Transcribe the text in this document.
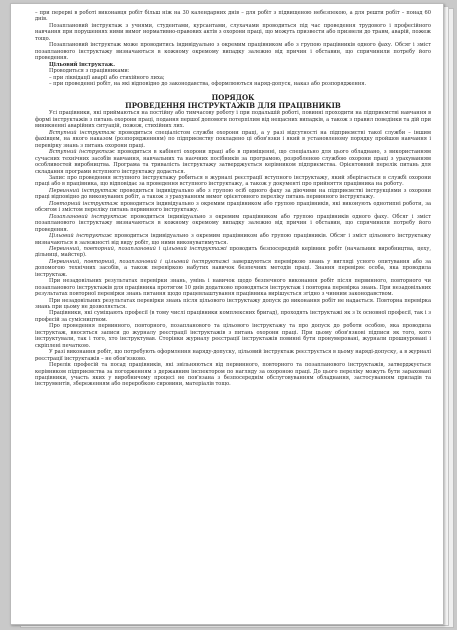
– при перерві в роботі виконавця робіт більш ніж на 30 календарних днів – для робіт з підвищеною небезпекою, а для решти робіт – понад 60 днів.

Позаплановий інструктаж з учнями, студентами, курсантами, слухачами проводиться під час проведення трудового і професійного навчання при порушеннях ними вимог нормативно-правових актів з охорони праці, що можуть призвести або призвели до травм, аварій, пожеж тощо.

Позаплановий інструктаж може проводитись індивідуально з окремим працівником або з групою працівників одного фаху. Обсяг і зміст позапланового інструктажу визначаються в кожному окремому випадку залежно від причин і обставин, що спричинили потребу його проведення.

Цільовий інструктаж.

Проводиться з працівниками:

– при ліквідації аварії або стихійного лиха;

– при проведенні робіт, на які відповідно до законодавства, оформлюються наряд-допуск, наказ або розпорядження.

ПОРЯДОК
ПРОВЕДЕННЯ ІНСТРУКТАЖІВ ДЛЯ ПРАЦІВНИКІВ

Усі працівники, які приймаються на постійну або тимчасову роботу і при подальшій роботі, повинні проходити на підприємстві навчання в формі інструктажів з питань охорони праці, подання першої допомоги потерпілим від нещасних випадків, а також з правил поведінки та дій при виникненні аварійних ситуацій, пожеж, стихійних лих.

Вступний інструктаж проводиться спеціалістом служби охорони праці, а у разі відсутності на підприємстві такої служби – іншим фахівцем, на якого наказом (розпорядженням) по підприємству покладено ці обов'язки і який в установленому порядку пройшов навчання і перевірку знань з питань охорони праці.

Вступний інструктаж проводиться в кабінеті охорони праці або в приміщенні, що спеціально для цього обладнано, з використанням сучасних технічних засобів навчання, навчальних та наочних посібників за програмою, розробленою службою охорони праці з урахуванням особливостей виробництва. Програма та тривалість інструктажу затверджується керівником підприємства. Орієнтовний перелік питань для складання програми вступного інструктажу додається.

Запис про проведення вступного інструктажу робиться в журналі реєстрації вступного інструктажу, який зберігається в службі охорони праці або в працівника, що відповідає за проведення вступного інструктажу, а також у документі про прийняття працівника на роботу.

Первинний інструктаж проводиться індивідуально або з групою осіб одного фаху за діючими на підприємстві інструкціями з охорони праці відповідно до виконуваних робіт, а також з урахуванням вимог орієнтовного переліку питань первинного інструктажу.

Повторний інструктаж проводиться індивідуально з окремим працівником або групою працівників, які виконують однотипні роботи, за обсягом і змістом переліку питань первинного інструктажу.

Позаплановий інструктаж проводиться індивідуально з окремим працівником або групою працівників одного фаху. Обсяг і зміст позапланового інструктажу визначаються в кожному окремому випадку залежно від причин і обставин, що спричинили потребу його проведення.

Цільовий інструктаж проводиться індивідуально з окремим працівником або групою працівників. Обсяг і зміст цільового інструктажу визначаються в залежності від виду робіт, що ними виконуватимуться.

Первинний, повторний, позаплановий і цільовий інструктажі проводить безпосередній керівник робіт (начальник виробництва, цеху, дільниці, майстер).

Первинний, повторний, позаплановий і цільовий інструктажі завершуються перевіркою знань у вигляді усного опитування або за допомогою технічних засобів, а також перевіркою набутих навичок безпечних методів праці. Знання перевіряє особа, яка проводила інструктаж.

При незадовільних результатах перевірки знань, умінь і навичок щодо безпечного виконання робіт після первинного, повторного чи позапланового інструктажів для працівника протягом 10 днів додатково проводяться інструктаж і повторна перевірка знань. При незадовільних результатах повторної перевірки знань питання щодо працевлаштування працівника вирішується згідно з чинним законодавством.

При незадовільних результатах перевірки знань після цільового інструктажу допуск до виконання робіт не надається. Повторна перевірка знань при цьому не дозволяється.

Працівники, які суміщають професії (в тому числі працівники комплексних бригад), проходять інструктажі як з їх основної професії, так і з професій за сумісництвом.

Про проведення первинного, повторного, позапланового та цільового інструктажу та про допуск до роботи особою, яка проводила інструктаж, вносяться записи до журналу реєстрації інструктажів з питань охорони праці. При цьому обов'язкові підписи як того, кого інструктували, так і того, хто інструктував. Сторінки журналу реєстрації інструктажів повинні бути пронумеровані, журнали прошнуровані і скріплені печаткою.

У разі виконання робіт, що потребують оформлення наряду-допуску, цільовий інструктаж реєструється в цьому наряді-допуску, а в журналі реєстрації інструктажів – не обов'язково.

Перелік професій та посад працівників, які звільняються від первинного, повторного та позапланового інструктажів, затверджується керівником підприємства за погодженням з державним інспектором по нагляду за охороною праці. До цього переліку можуть бути зараховані працівники, участь яких у виробничому процесі не пов'язана з безпосереднім обслуговуванням обладнання, застосуванням приладів та інструментів, збереженням або переробкою сировини, матеріалів тощо.
